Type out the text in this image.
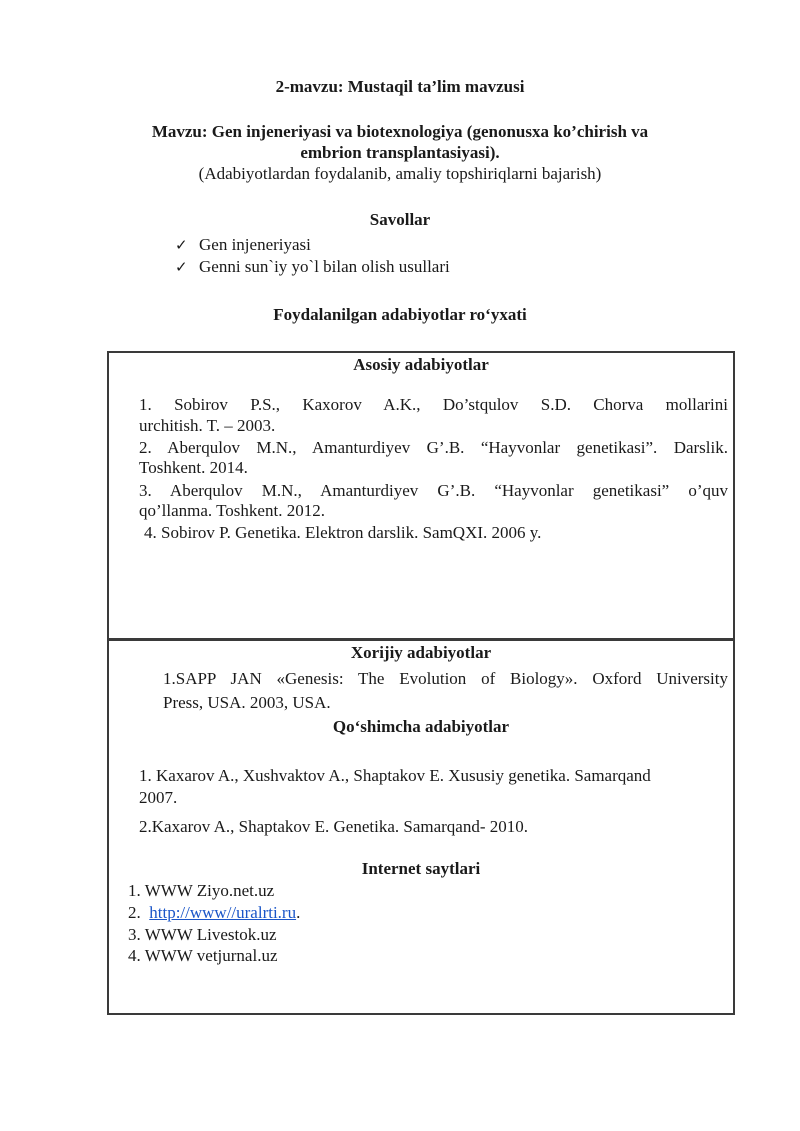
2-mavzu: Mustaqil ta’lim mavzusi
Mavzu: Gen injeneriyasi va biotexnologiya (genonusxa ko’chirish va
embrion transplantasiyasi).
(Adabiyotlardan foydalanib, amaliy topshiriqlarni bajarish)
Savollar
✓ Gen injeneriyasi
✓ Genni sun`iy yo`l bilan olish usullari
Foydalanilgan adabiyotlar ro‘yxati
Asosiy adabiyotlar
1. Sobirov P.S., Kaxorov A.K., Do’stqulov S.D. Chorva mollarini
urchitish. T. – 2003.
2. Aberqulov M.N., Amanturdiyev G’.B. “Hayvonlar genetikasi”. Darslik.
Toshkent. 2014.
3. Aberqulov M.N., Amanturdiyev G’.B. “Hayvonlar genetikasi” o’quv
qo’llanma. Toshkent. 2012.
4. Sobirov P. Genetika. Elektron darslik. SamQXI. 2006 y.
Xorijiy adabiyotlar
1.SAPP JAN «Genesis: The Evolution of Biology». Oxford University
Press, USA. 2003, USA.
Qo‘shimcha adabiyotlar
1. Kaxarov A., Xushvaktov A., Shaptakov E. Xususiy genetika. Samarqand
2007.
2.Kaxarov A., Shaptakov E. Genetika. Samarqand- 2010.
Internet saytlari
1. WWW Ziyo.net.uz
2.  http://www//uralrti.ru.
3. WWW Livestok.uz
4. WWW vetjurnal.uz
